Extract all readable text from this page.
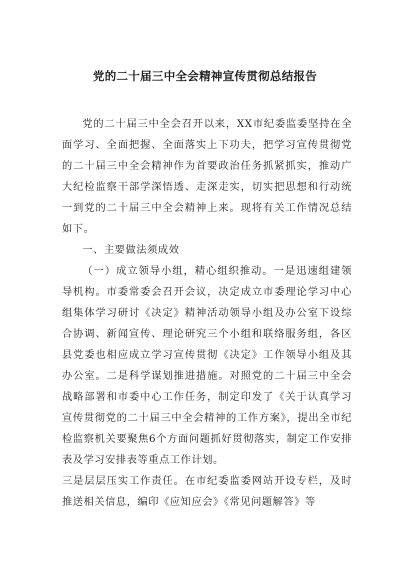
党的二十届三中全会精神宣传贯彻总结报告

党的二十届三中全会召开以来，XX市纪委监委坚持在全面学习、全面把握、全面落实上下功夫，把学习宣传贯彻党的二十届三中全会精神作为首要政治任务抓紧抓实，推动广大纪检监察干部学深悟透、走深走实，切实把思想和行动统一到党的二十届三中全会精神上来。现将有关工作情况总结如下。

一、主要做法须成效

（一）成立领导小组，精心组织推动。一是迅速组建领导机构。市委常委会召开会议，决定成立市委理论学习中心组集体学习研讨《决定》精神活动领导小组及办公室下设综合协调、新闻宣传、理论研究三个小组和联络服务组，各区县党委也相应成立学习宣传贯彻《决定》工作领导小组及其办公室。二是科学谋划推进措施。对照党的二十届三中全会战略部署和市委中心工作任务，制定印发了《关于认真学习宣传贯彻党的二十届三中全会精神的工作方案》，提出全市纪检监察机关要聚焦6个方面问题抓好贯彻落实，制定工作安排表及学习安排表等重点工作计划。

三是层层压实工作责任。在市纪委监委网站开设专栏，及时推送相关信息，编印《应知应会》《常见问题解答》等
